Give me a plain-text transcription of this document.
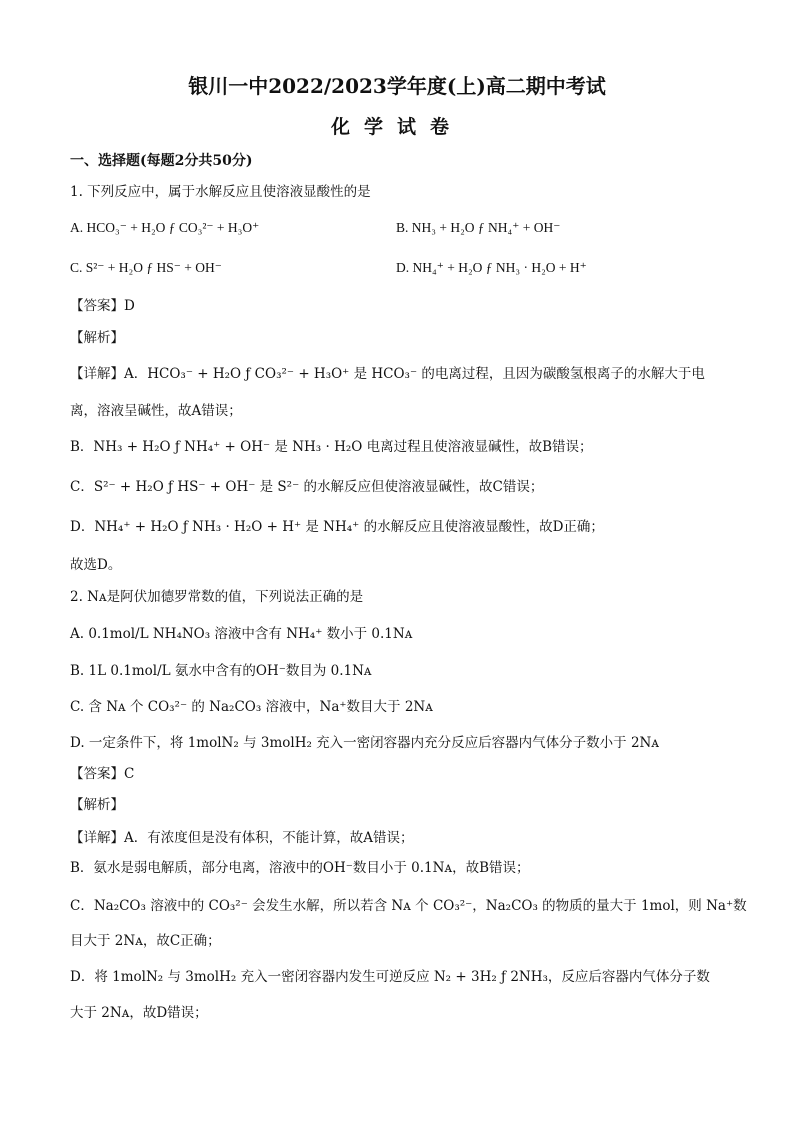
银川一中2022/2023学年度(上)高二期中考试
化学试卷
一、选择题(每题2分共50分)
1. 下列反应中，属于水解反应且使溶液显酸性的是
A. HCO₃⁻ + H₂O ƒ CO₃²⁻ + H₃O⁺	B. NH₃ + H₂O ƒ NH₄⁺ + OH⁻
C. S²⁻ + H₂O ƒ HS⁻ + OH⁻	D. NH₄⁺ + H₂O ƒ NH₃ · H₂O + H⁺
【答案】D
【解析】
【详解】A．HCO₃⁻ + H₂O ƒ CO₃²⁻ + H₃O⁺ 是 HCO₃⁻ 的电离过程，且因为碳酸氢根离子的水解大于电
离，溶液呈碱性，故A错误；
B．NH₃ + H₂O ƒ NH₄⁺ + OH⁻ 是 NH₃ · H₂O 电离过程且使溶液显碱性，故B错误；
C．S²⁻ + H₂O ƒ HS⁻ + OH⁻ 是 S²⁻ 的水解反应但使溶液显碱性，故C错误；
D．NH₄⁺ + H₂O ƒ NH₃ · H₂O + H⁺ 是 NH₄⁺ 的水解反应且使溶液显酸性，故D正确；
故选D。
2. Nᴀ是阿伏加德罗常数的值，下列说法正确的是
A. 0.1mol/L NH₄NO₃ 溶液中含有 NH₄⁺ 数小于 0.1Nᴀ
B. 1L 0.1mol/L 氨水中含有的OH⁻数目为 0.1Nᴀ
C. 含 Nᴀ 个 CO₃²⁻ 的 Na₂CO₃ 溶液中，Na⁺数目大于 2Nᴀ
D. 一定条件下，将 1molN₂ 与 3molH₂ 充入一密闭容器内充分反应后容器内气体分子数小于 2Nᴀ
【答案】C
【解析】
【详解】A．有浓度但是没有体积，不能计算，故A错误；
B．氨水是弱电解质，部分电离，溶液中的OH⁻数目小于 0.1Nᴀ，故B错误；
C．Na₂CO₃ 溶液中的 CO₃²⁻ 会发生水解，所以若含 Nᴀ 个 CO₃²⁻，Na₂CO₃ 的物质的量大于 1mol，则 Na⁺数
目大于 2Nᴀ，故C正确；
D．将 1molN₂ 与 3molH₂ 充入一密闭容器内发生可逆反应 N₂ + 3H₂ ƒ 2NH₃，反应后容器内气体分子数
大于 2Nᴀ，故D错误；
